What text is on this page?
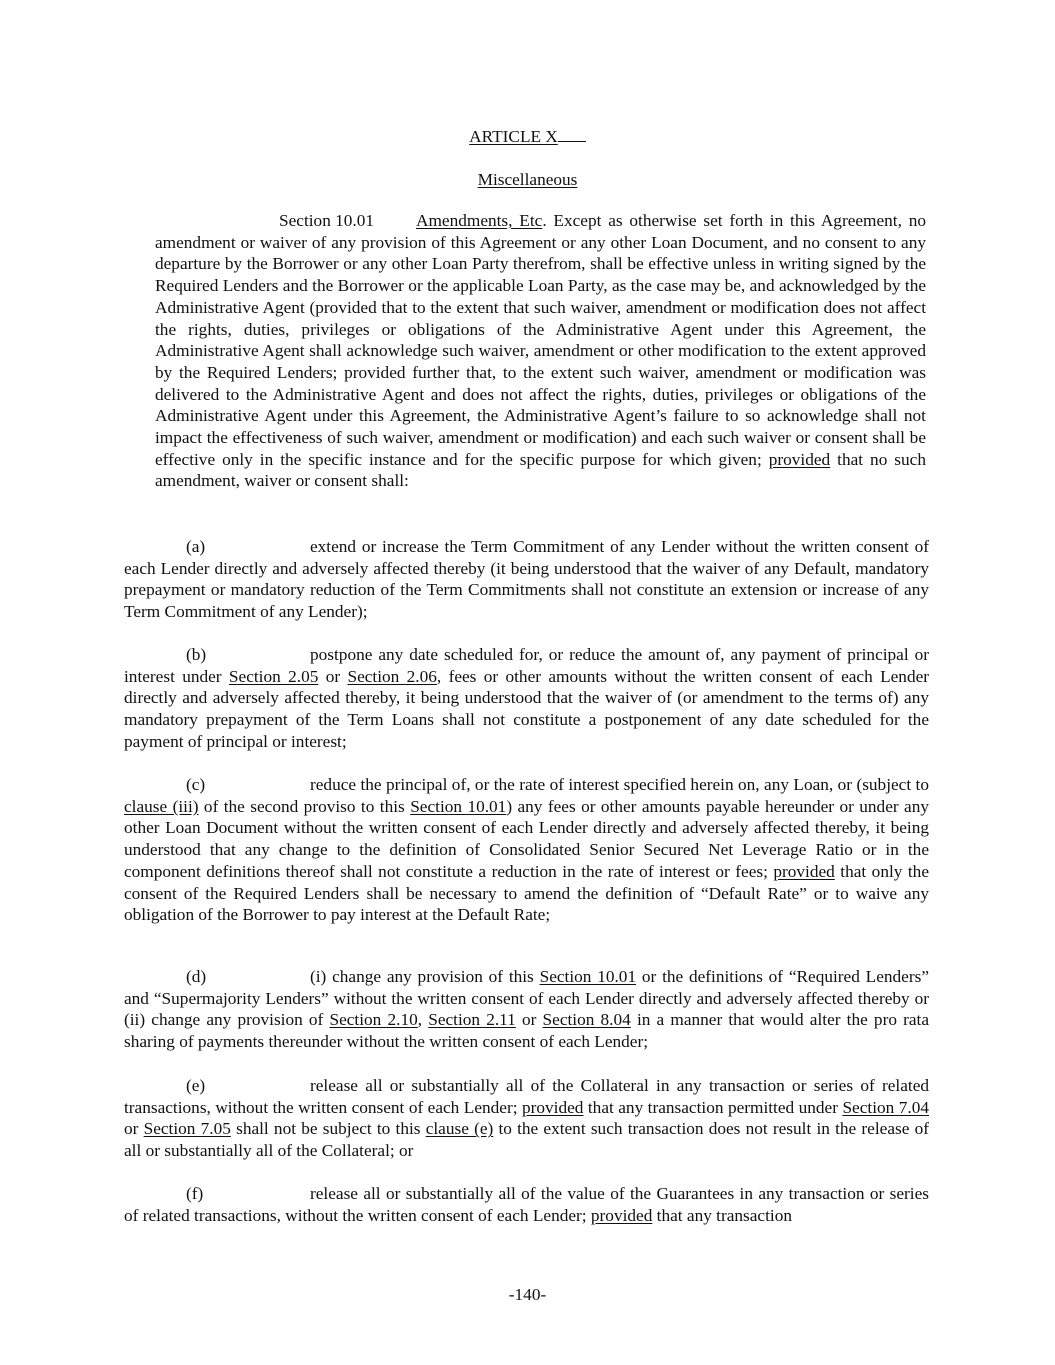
ARTICLE X
Miscellaneous
Section 10.01 Amendments, Etc. Except as otherwise set forth in this Agreement, no amendment or waiver of any provision of this Agreement or any other Loan Document, and no consent to any departure by the Borrower or any other Loan Party therefrom, shall be effective unless in writing signed by the Required Lenders and the Borrower or the applicable Loan Party, as the case may be, and acknowledged by the Administrative Agent (provided that to the extent that such waiver, amendment or modification does not affect the rights, duties, privileges or obligations of the Administrative Agent under this Agreement, the Administrative Agent shall acknowledge such waiver, amendment or other modification to the extent approved by the Required Lenders; provided further that, to the extent such waiver, amendment or modification was delivered to the Administrative Agent and does not affect the rights, duties, privileges or obligations of the Administrative Agent under this Agreement, the Administrative Agent’s failure to so acknowledge shall not impact the effectiveness of such waiver, amendment or modification) and each such waiver or consent shall be effective only in the specific instance and for the specific purpose for which given; provided that no such amendment, waiver or consent shall:
(a)	extend or increase the Term Commitment of any Lender without the written consent of each Lender directly and adversely affected thereby (it being understood that the waiver of any Default, mandatory prepayment or mandatory reduction of the Term Commitments shall not constitute an extension or increase of any Term Commitment of any Lender);
(b)	postpone any date scheduled for, or reduce the amount of, any payment of principal or interest under Section 2.05 or Section 2.06, fees or other amounts without the written consent of each Lender directly and adversely affected thereby, it being understood that the waiver of (or amendment to the terms of) any mandatory prepayment of the Term Loans shall not constitute a postponement of any date scheduled for the payment of principal or interest;
(c)	reduce the principal of, or the rate of interest specified herein on, any Loan, or (subject to clause (iii) of the second proviso to this Section 10.01) any fees or other amounts payable hereunder or under any other Loan Document without the written consent of each Lender directly and adversely affected thereby, it being understood that any change to the definition of Consolidated Senior Secured Net Leverage Ratio or in the component definitions thereof shall not constitute a reduction in the rate of interest or fees; provided that only the consent of the Required Lenders shall be necessary to amend the definition of “Default Rate” or to waive any obligation of the Borrower to pay interest at the Default Rate;
(d)	(i) change any provision of this Section 10.01 or the definitions of “Required Lenders” and “Supermajority Lenders” without the written consent of each Lender directly and adversely affected thereby or (ii) change any provision of Section 2.10, Section 2.11 or Section 8.04 in a manner that would alter the pro rata sharing of payments thereunder without the written consent of each Lender;
(e)	release all or substantially all of the Collateral in any transaction or series of related transactions, without the written consent of each Lender; provided that any transaction permitted under Section 7.04 or Section 7.05 shall not be subject to this clause (e) to the extent such transaction does not result in the release of all or substantially all of the Collateral; or
(f)	release all or substantially all of the value of the Guarantees in any transaction or series of related transactions, without the written consent of each Lender; provided that any transaction
-140-
